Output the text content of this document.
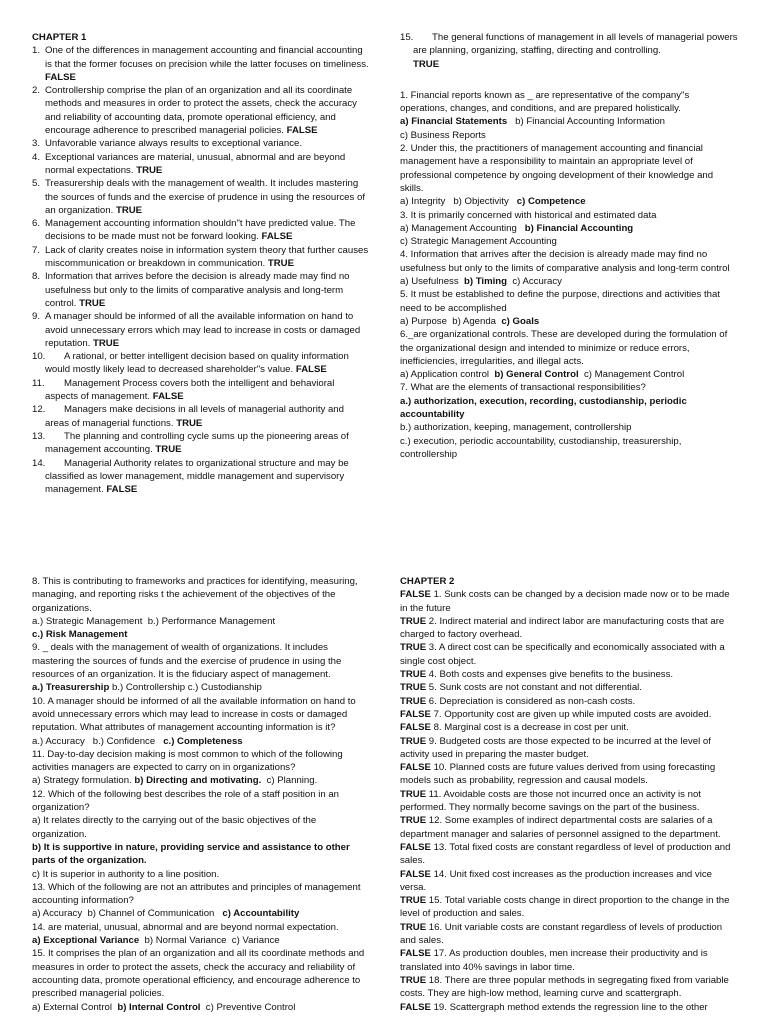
CHAPTER 1
1. One of the differences in management accounting and financial accounting is that the former focuses on precision while the latter focuses on timeliness. FALSE
2. Controllership comprise the plan of an organization and all its coordinate methods and measures in order to protect the assets, check the accuracy and reliability of accounting data, promote operational efficiency, and encourage adherence to prescribed managerial policies. FALSE
3. Unfavorable variance always results to exceptional variance.
4. Exceptional variances are material, unusual, abnormal and are beyond normal expectations. TRUE
5. Treasurership deals with the management of wealth. It includes mastering the sources of funds and the exercise of prudence in using the resources of an organization. TRUE
6. Management accounting information shouldn"t have predicted value. The decisions to be made must not be forward looking. FALSE
7. Lack of clarity creates noise in information system theory that further causes miscommunication or breakdown in communication. TRUE
8. Information that arrives before the decision is already made may find no usefulness but only to the limits of comparative analysis and long-term control. TRUE
9. A manager should be informed of all the available information on hand to avoid unnecessary errors which may lead to increase in costs or damaged reputation. TRUE
10. A rational, or better intelligent decision based on quality information would mostly likely lead to decreased shareholder"s value. FALSE
11. Management Process covers both the intelligent and behavioral aspects of management. FALSE
12. Managers make decisions in all levels of managerial authority and areas of managerial functions. TRUE
13. The planning and controlling cycle sums up the pioneering areas of management accounting. TRUE
14. Managerial Authority relates to organizational structure and may be classified as lower management, middle management and supervisory management. FALSE
15. The general functions of management in all levels of managerial powers are planning, organizing, staffing, directing and controlling.
TRUE
1. Financial reports known as _ are representative of the company"s operations, changes, and conditions, and are prepared holistically.
a) Financial Statements   b) Financial Accounting Information
c) Business Reports
2. Under this, the practitioners of management accounting and financial management have a responsibility to maintain an appropriate level of professional competence by ongoing development of their knowledge and skills.
a) Integrity   b) Objectivity   c) Competence
3. It is primarily concerned with historical and estimated data
a) Management Accounting   b) Financial Accounting
c) Strategic Management Accounting
4. Information that arrives after the decision is already made may find no usefulness but only to the limits of comparative analysis and long-term control
a) Usefulness  b) Timing  c) Accuracy
5. It must be established to define the purpose, directions and activities that need to be accomplished
a) Purpose  b) Agenda  c) Goals
6._are organizational controls. These are developed during the formulation of the organizational design and intended to minimize or reduce errors, inefficiencies, irregularities, and illegal acts.
a) Application control  b) General Control  c) Management Control
7. What are the elements of transactional responsibilities?
a.) authorization, execution, recording, custodianship, periodic accountability
b.) authorization, keeping, management, controllership
c.) execution, periodic accountability, custodianship, treasurership, controllership
8. This is contributing to frameworks and practices for identifying, measuring, managing, and reporting risks t the achievement of the objectives of the organizations.
a.) Strategic Management  b.) Performance Management
c.) Risk Management
9. _ deals with the management of wealth of organizations. It includes mastering the sources of funds and the exercise of prudence in using the resources of an organization. It is the fiduciary aspect of management.
a.) Treasurership b.) Controllership c.) Custodianship
10. A manager should be informed of all the available information on hand to avoid unnecessary errors which may lead to increase in costs or damaged reputation. What attributes of management accounting information is it?
a.) Accuracy   b.) Confidence   c.) Completeness
11. Day-to-day decision making is most common to which of the following activities managers are expected to carry on in organizations?
a) Strategy formulation. b) Directing and motivating.  c) Planning.
12. Which of the following best describes the role of a staff position in an organization?
a) It relates directly to the carrying out of the basic objectives of the organization.
b) It is supportive in nature, providing service and assistance to other parts of the organization.
c) It is superior in authority to a line position.
13. Which of the following are not an attributes and principles of management accounting information?
a) Accuracy  b) Channel of Communication   c) Accountability
14. are material, unusual, abnormal and are beyond normal expectation.
a) Exceptional Variance  b) Normal Variance  c) Variance
15. It comprises the plan of an organization and all its coordinate methods and measures in order to protect the assets, check the accuracy and reliability of accounting data, promote operational efficiency, and encourage adherence to prescribed managerial policies.
a) External Control  b) Internal Control  c) Preventive Control
CHAPTER 2
FALSE 1. Sunk costs can be changed by a decision made now or to be made in the future
TRUE 2. Indirect material and indirect labor are manufacturing costs that are charged to factory overhead.
TRUE 3. A direct cost can be specifically and economically associated with a single cost object.
TRUE 4. Both costs and expenses give benefits to the business.
TRUE 5. Sunk costs are not constant and not differential.
TRUE 6. Depreciation is considered as non-cash costs.
FALSE 7. Opportunity cost are given up while imputed costs are avoided.
FALSE 8. Marginal cost is a decrease in cost per unit.
TRUE 9. Budgeted costs are those expected to be incurred at the level of activity used in preparing the master budget.
FALSE 10. Planned costs are future values derived from using forecasting models such as probability, regression and causal models.
TRUE 11. Avoidable costs are those not incurred once an activity is not performed. They normally become savings on the part of the business.
TRUE 12. Some examples of indirect departmental costs are salaries of a department manager and salaries of personnel assigned to the department.
FALSE 13. Total fixed costs are constant regardless of level of production and sales.
FALSE 14. Unit fixed cost increases as the production increases and vice versa.
TRUE 15. Total variable costs change in direct proportion to the change in the level of production and sales.
TRUE 16. Unit variable costs are constant regardless of levels of production and sales.
FALSE 17. As production doubles, men increase their productivity and is translated into 40% savings in labor time.
TRUE 18. There are three popular methods in segregating fixed from variable costs. They are high-low method, learning curve and scattergraph.
FALSE 19. Scattergraph method extends the regression line to the other
